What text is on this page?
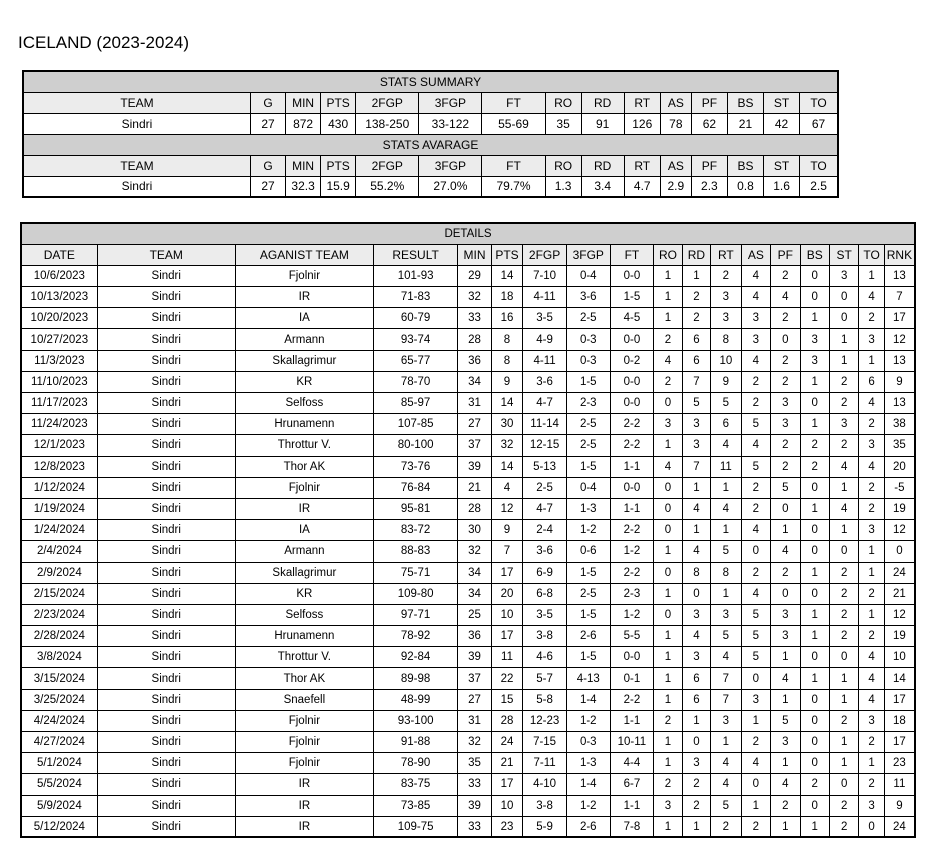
ICELAND (2023-2024)
STATS SUMMARY														
TEAM	G	MIN	PTS	2FGP	3FGP	FT	RO	RD	RT	AS	PF	BS	ST	TO
Sindri	27	872	430	138-250	33-122	55-69	35	91	126	78	62	21	42	67
STATS AVARAGE														
TEAM	G	MIN	PTS	2FGP	3FGP	FT	RO	RD	RT	AS	PF	BS	ST	TO
Sindri	27	32.3	15.9	55.2%	27.0%	79.7%	1.3	3.4	4.7	2.9	2.3	0.8	1.6	2.5
DETAILS																	
DATE	TEAM	AGANIST TEAM	RESULT	MIN	PTS	2FGP	3FGP	FT	RO	RD	RT	AS	PF	BS	ST	TO	RNK
10/6/2023	Sindri	Fjolnir	101-93	29	14	7-10	0-4	0-0	1	1	2	4	2	0	3	1	13
10/13/2023	Sindri	IR	71-83	32	18	4-11	3-6	1-5	1	2	3	4	4	0	0	4	7
10/20/2023	Sindri	IA	60-79	33	16	3-5	2-5	4-5	1	2	3	3	2	1	0	2	17
10/27/2023	Sindri	Armann	93-74	28	8	4-9	0-3	0-0	2	6	8	3	0	3	1	3	12
11/3/2023	Sindri	Skallagrimur	65-77	36	8	4-11	0-3	0-2	4	6	10	4	2	3	1	1	13
11/10/2023	Sindri	KR	78-70	34	9	3-6	1-5	0-0	2	7	9	2	2	1	2	6	9
11/17/2023	Sindri	Selfoss	85-97	31	14	4-7	2-3	0-0	0	5	5	2	3	0	2	4	13
11/24/2023	Sindri	Hrunamenn	107-85	27	30	11-14	2-5	2-2	3	3	6	5	3	1	3	2	38
12/1/2023	Sindri	Throttur V.	80-100	37	32	12-15	2-5	2-2	1	3	4	4	2	2	2	3	35
12/8/2023	Sindri	Thor AK	73-76	39	14	5-13	1-5	1-1	4	7	11	5	2	2	4	4	20
1/12/2024	Sindri	Fjolnir	76-84	21	4	2-5	0-4	0-0	0	1	1	2	5	0	1	2	-5
1/19/2024	Sindri	IR	95-81	28	12	4-7	1-3	1-1	0	4	4	2	0	1	4	2	19
1/24/2024	Sindri	IA	83-72	30	9	2-4	1-2	2-2	0	1	1	4	1	0	1	3	12
2/4/2024	Sindri	Armann	88-83	32	7	3-6	0-6	1-2	1	4	5	0	4	0	0	1	0
2/9/2024	Sindri	Skallagrimur	75-71	34	17	6-9	1-5	2-2	0	8	8	2	2	1	2	1	24
2/15/2024	Sindri	KR	109-80	34	20	6-8	2-5	2-3	1	0	1	4	0	0	2	2	21
2/23/2024	Sindri	Selfoss	97-71	25	10	3-5	1-5	1-2	0	3	3	5	3	1	2	1	12
2/28/2024	Sindri	Hrunamenn	78-92	36	17	3-8	2-6	5-5	1	4	5	5	3	1	2	2	19
3/8/2024	Sindri	Throttur V.	92-84	39	11	4-6	1-5	0-0	1	3	4	5	1	0	0	4	10
3/15/2024	Sindri	Thor AK	89-98	37	22	5-7	4-13	0-1	1	6	7	0	4	1	1	4	14
3/25/2024	Sindri	Snaefell	48-99	27	15	5-8	1-4	2-2	1	6	7	3	1	0	1	4	17
4/24/2024	Sindri	Fjolnir	93-100	31	28	12-23	1-2	1-1	2	1	3	1	5	0	2	3	18
4/27/2024	Sindri	Fjolnir	91-88	32	24	7-15	0-3	10-11	1	0	1	2	3	0	1	2	17
5/1/2024	Sindri	Fjolnir	78-90	35	21	7-11	1-3	4-4	1	3	4	4	1	0	1	1	23
5/5/2024	Sindri	IR	83-75	33	17	4-10	1-4	6-7	2	2	4	0	4	2	0	2	11
5/9/2024	Sindri	IR	73-85	39	10	3-8	1-2	1-1	3	2	5	1	2	0	2	3	9
5/12/2024	Sindri	IR	109-75	33	23	5-9	2-6	7-8	1	1	2	2	1	1	2	0	24
